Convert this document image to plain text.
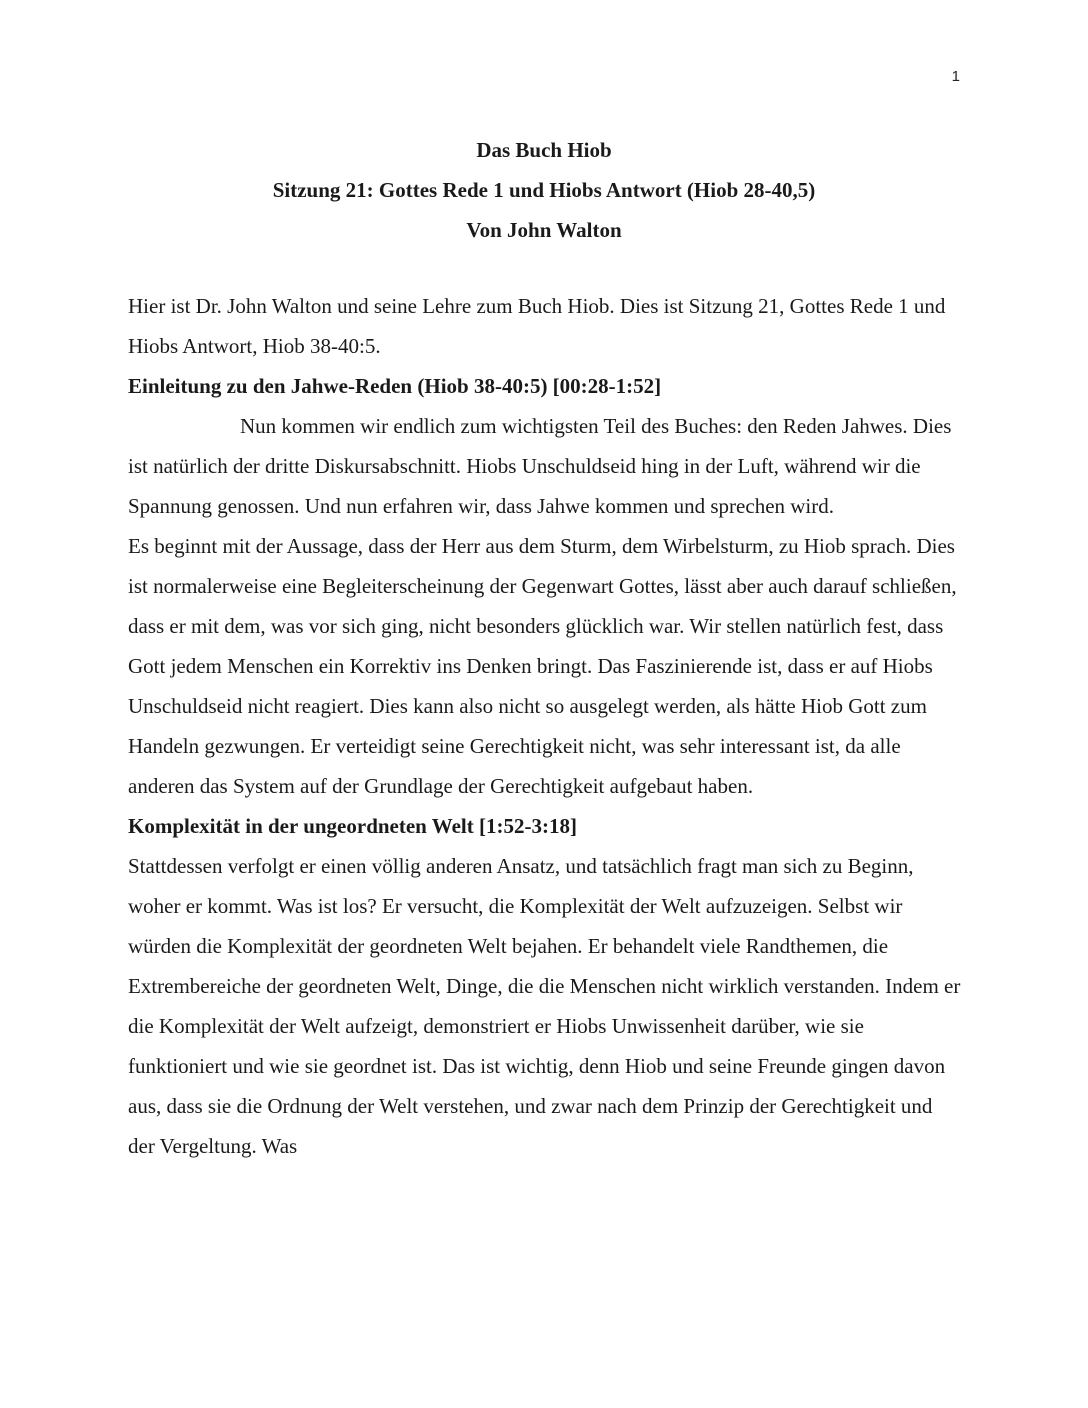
1
Das Buch Hiob
Sitzung 21: Gottes Rede 1 und Hiobs Antwort (Hiob 28-40,5)
Von John Walton

Hier ist Dr. John Walton und seine Lehre zum Buch Hiob. Dies ist Sitzung 21, Gottes Rede 1 und Hiobs Antwort, Hiob 38-40:5.

Einleitung zu den Jahwe-Reden (Hiob 38-40:5) [00:28-1:52]

Nun kommen wir endlich zum wichtigsten Teil des Buches: den Reden Jahwes. Dies ist natürlich der dritte Diskursabschnitt. Hiobs Unschuldseid hing in der Luft, während wir die Spannung genossen. Und nun erfahren wir, dass Jahwe kommen und sprechen wird.

Es beginnt mit der Aussage, dass der Herr aus dem Sturm, dem Wirbelsturm, zu Hiob sprach. Dies ist normalerweise eine Begleiterscheinung der Gegenwart Gottes, lässt aber auch darauf schließen, dass er mit dem, was vor sich ging, nicht besonders glücklich war. Wir stellen natürlich fest, dass Gott jedem Menschen ein Korrektiv ins Denken bringt. Das Faszinierende ist, dass er auf Hiobs Unschuldseid nicht reagiert. Dies kann also nicht so ausgelegt werden, als hätte Hiob Gott zum Handeln gezwungen. Er verteidigt seine Gerechtigkeit nicht, was sehr interessant ist, da alle anderen das System auf der Grundlage der Gerechtigkeit aufgebaut haben.

Komplexität in der ungeordneten Welt [1:52-3:18]

Stattdessen verfolgt er einen völlig anderen Ansatz, und tatsächlich fragt man sich zu Beginn, woher er kommt. Was ist los? Er versucht, die Komplexität der Welt aufzuzeigen. Selbst wir würden die Komplexität der geordneten Welt bejahen. Er behandelt viele Randthemen, die Extrembereiche der geordneten Welt, Dinge, die die Menschen nicht wirklich verstanden. Indem er die Komplexität der Welt aufzeigt, demonstriert er Hiobs Unwissenheit darüber, wie sie funktioniert und wie sie geordnet ist. Das ist wichtig, denn Hiob und seine Freunde gingen davon aus, dass sie die Ordnung der Welt verstehen, und zwar nach dem Prinzip der Gerechtigkeit und der Vergeltung. Was
